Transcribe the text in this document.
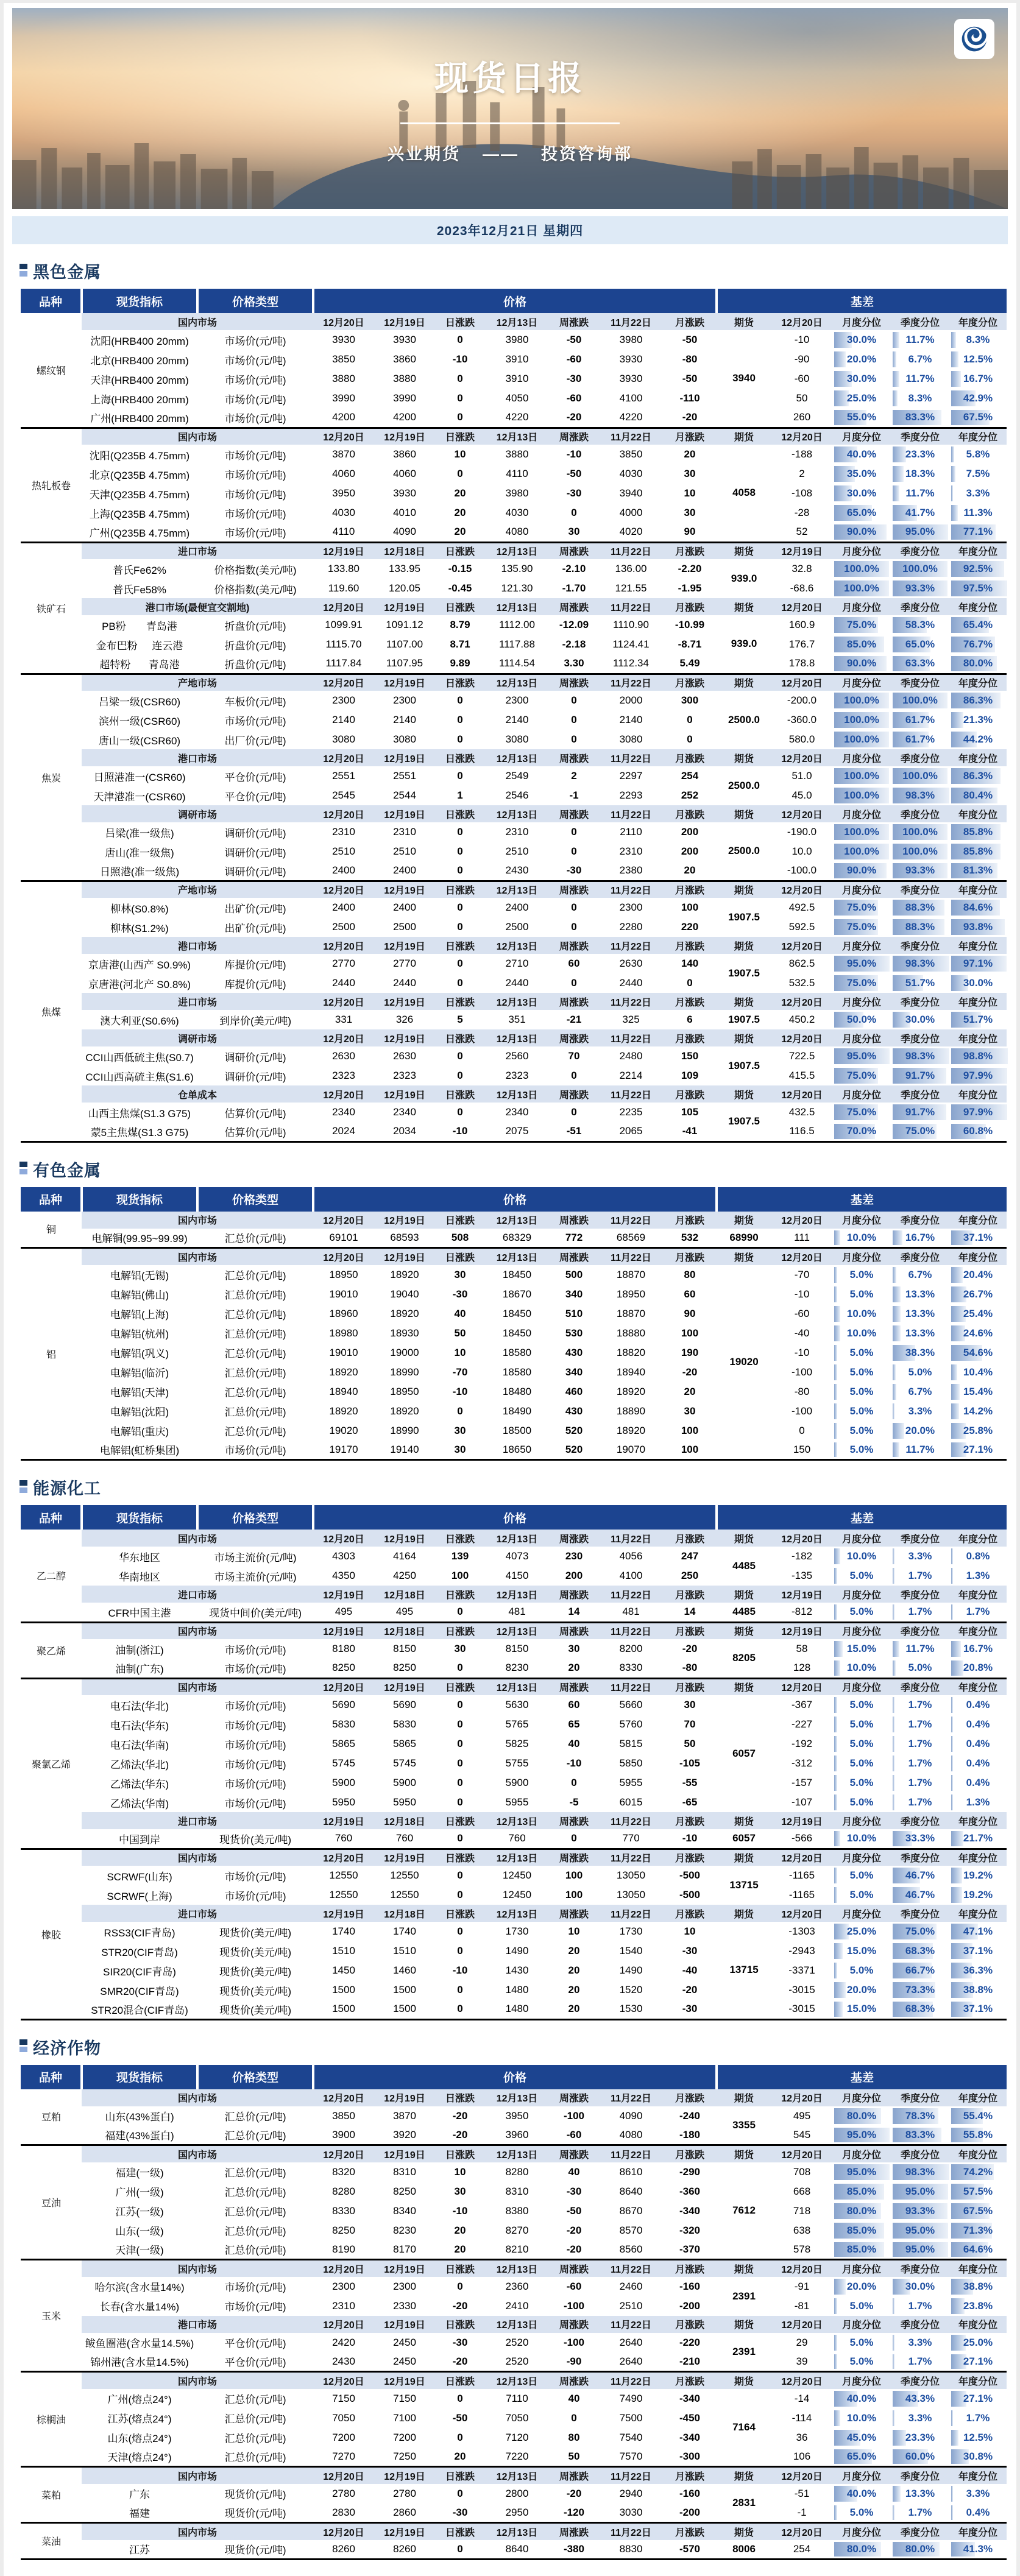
现货日报
兴业期货 —— 投资咨询部
2023年12月21日 星期四
黑色金属
品种	现货指标	价格类型	价格							基差				
螺纹钢	国内市场		12月20日	12月19日	日涨跌	12月13日	周涨跌	11月22日	月涨跌	期货	12月20日	月度分位	季度分位	年度分位
	沈阳(HRB400 20mm)	市场价(元/吨)	3930	3930	0	3980	-50	3980	-50	3940	-10	30.0%	11.7%	8.3%
	北京(HRB400 20mm)	市场价(元/吨)	3850	3860	-10	3910	-60	3930	-80		-90	20.0%	6.7%	12.5%
	天津(HRB400 20mm)	市场价(元/吨)	3880	3880	0	3910	-30	3930	-50		-60	30.0%	11.7%	16.7%
	上海(HRB400 20mm)	市场价(元/吨)	3990	3990	0	4050	-60	4100	-110		50	25.0%	8.3%	42.9%
	广州(HRB400 20mm)	市场价(元/吨)	4200	4200	0	4220	-20	4220	-20		260	55.0%	83.3%	67.5%
热轧板卷	国内市场		12月20日	12月19日	日涨跌	12月13日	周涨跌	11月22日	月涨跌	期货	12月20日	月度分位	季度分位	年度分位
	沈阳(Q235B 4.75mm)	市场价(元/吨)	3870	3860	10	3880	-10	3850	20	4058	-188	40.0%	23.3%	5.8%
	北京(Q235B 4.75mm)	市场价(元/吨)	4060	4060	0	4110	-50	4030	30		2	35.0%	18.3%	7.5%
	天津(Q235B 4.75mm)	市场价(元/吨)	3950	3930	20	3980	-30	3940	10		-108	30.0%	11.7%	3.3%
	上海(Q235B 4.75mm)	市场价(元/吨)	4030	4010	20	4030	0	4000	30		-28	65.0%	41.7%	11.3%
	广州(Q235B 4.75mm)	市场价(元/吨)	4110	4090	20	4080	30	4020	90		52	90.0%	95.0%	77.1%
铁矿石	进口市场		12月19日	12月18日	日涨跌	12月13日	周涨跌	11月22日	月涨跌	期货	12月19日	月度分位	季度分位	年度分位
	普氏Fe62%	价格指数(美元/吨)	133.80	133.95	-0.15	135.90	-2.10	136.00	-2.20	939.0	32.8	100.0%	100.0%	92.5%
	普氏Fe58%	价格指数(美元/吨)	119.60	120.05	-0.45	121.30	-1.70	121.55	-1.95		-68.6	100.0%	93.3%	97.5%
	港口市场(最便宜交割地)		12月20日	12月19日	日涨跌	12月13日	周涨跌	11月22日	月涨跌	期货	12月20日	月度分位	季度分位	年度分位

	PB粉 青岛港	折盘价(元/吨)	1099.91	1091.12	8.79	1112.00	-12.09	1110.90	-10.99	939.0	160.9	75.0%	58.3%	65.4%

	金布巴粉 连云港	折盘价(元/吨)	1115.70	1107.00	8.71	1117.88	-2.18	1124.41	-8.71		176.7	85.0%	65.0%	76.7%

	超特粉 青岛港	折盘价(元/吨)	1117.84	1107.95	9.89	1114.54	3.30	1112.34	5.49		178.8	90.0%	63.3%	80.0%
焦炭	产地市场		12月20日	12月19日	日涨跌	12月13日	周涨跌	11月22日	月涨跌	期货	12月20日	月度分位	季度分位	年度分位
	吕梁一级(CSR60)	车板价(元/吨)	2300	2300	0	2300	0	2000	300	2500.0	-200.0	100.0%	100.0%	86.3%
	滨州一级(CSR60)	市场价(元/吨)	2140	2140	0	2140	0	2140	0		-360.0	100.0%	61.7%	21.3%
	唐山一级(CSR60)	出厂价(元/吨)	3080	3080	0	3080	0	3080	0		580.0	100.0%	61.7%	44.2%
	港口市场		12月20日	12月19日	日涨跌	12月13日	周涨跌	11月22日	月涨跌	期货	12月20日	月度分位	季度分位	年度分位
	日照港准一(CSR60)	平仓价(元/吨)	2551	2551	0	2549	2	2297	254	2500.0	51.0	100.0%	100.0%	86.3%
	天津港准一(CSR60)	平仓价(元/吨)	2545	2544	1	2546	-1	2293	252		45.0	100.0%	98.3%	80.4%
	调研市场		12月20日	12月19日	日涨跌	12月13日	周涨跌	11月22日	月涨跌	期货	12月20日	月度分位	季度分位	年度分位
	吕梁(准一级焦)	调研价(元/吨)	2310	2310	0	2310	0	2110	200	2500.0	-190.0	100.0%	100.0%	85.8%
	唐山(准一级焦)	调研价(元/吨)	2510	2510	0	2510	0	2310	200		10.0	100.0%	100.0%	85.8%
	日照港(准一级焦)	调研价(元/吨)	2400	2400	0	2430	-30	2380	20		-100.0	90.0%	93.3%	81.3%
焦煤	产地市场		12月20日	12月19日	日涨跌	12月13日	周涨跌	11月22日	月涨跌	期货	12月20日	月度分位	季度分位	年度分位
	柳林(S0.8%)	出矿价(元/吨)	2400	2400	0	2400	0	2300	100	1907.5	492.5	75.0%	88.3%	84.6%
	柳林(S1.2%)	出矿价(元/吨)	2500	2500	0	2500	0	2280	220		592.5	75.0%	88.3%	93.8%
	港口市场		12月20日	12月19日	日涨跌	12月13日	周涨跌	11月22日	月涨跌	期货	12月20日	月度分位	季度分位	年度分位
	京唐港(山西产 S0.9%)	库提价(元/吨)	2770	2770	0	2710	60	2630	140	1907.5	862.5	95.0%	98.3%	97.1%
	京唐港(河北产 S0.8%)	库提价(元/吨)	2440	2440	0	2440	0	2440	0		532.5	75.0%	51.7%	30.0%
	进口市场		12月20日	12月19日	日涨跌	12月13日	周涨跌	11月22日	月涨跌	期货	12月20日	月度分位	季度分位	年度分位
	澳大利亚(S0.6%)	到岸价(美元/吨)	331	326	5	351	-21	325	6	1907.5	450.2	50.0%	30.0%	51.7%
	调研市场		12月20日	12月19日	日涨跌	12月13日	周涨跌	11月22日	月涨跌	期货	12月20日	月度分位	季度分位	年度分位
	CCI山西低硫主焦(S0.7)	调研价(元/吨)	2630	2630	0	2560	70	2480	150	1907.5	722.5	95.0%	98.3%	98.8%
	CCI山西高硫主焦(S1.6)	调研价(元/吨)	2323	2323	0	2323	0	2214	109		415.5	75.0%	91.7%	97.9%
	仓单成本		12月20日	12月19日	日涨跌	12月13日	周涨跌	11月22日	月涨跌	期货	12月20日	月度分位	季度分位	年度分位
	山西主焦煤(S1.3 G75)	估算价(元/吨)	2340	2340	0	2340	0	2235	105	1907.5	432.5	75.0%	91.7%	97.9%
	蒙5主焦煤(S1.3 G75)	估算价(元/吨)	2024	2034	-10	2075	-51	2065	-41		116.5	70.0%	75.0%	60.8%
有色金属
品种	现货指标	价格类型	价格							基差				
铜	国内市场		12月20日	12月19日	日涨跌	12月13日	周涨跌	11月22日	月涨跌	期货	12月20日	月度分位	季度分位	年度分位
	电解铜(99.95~99.99)	汇总价(元/吨)	69101	68593	508	68329	772	68569	532	68990	111	10.0%	16.7%	37.1%
铝	国内市场		12月20日	12月19日	日涨跌	12月13日	周涨跌	11月22日	月涨跌	期货	12月20日	月度分位	季度分位	年度分位
	电解铝(无锡)	汇总价(元/吨)	18950	18920	30	18450	500	18870	80	19020	-70	5.0%	6.7%	20.4%
	电解铝(佛山)	汇总价(元/吨)	19010	19040	-30	18670	340	18950	60		-10	5.0%	13.3%	26.7%
	电解铝(上海)	汇总价(元/吨)	18960	18920	40	18450	510	18870	90		-60	10.0%	13.3%	25.4%
	电解铝(杭州)	汇总价(元/吨)	18980	18930	50	18450	530	18880	100		-40	10.0%	13.3%	24.6%
	电解铝(巩义)	汇总价(元/吨)	19010	19000	10	18580	430	18820	190		-10	5.0%	38.3%	54.6%
	电解铝(临沂)	汇总价(元/吨)	18920	18990	-70	18580	340	18940	-20		-100	5.0%	5.0%	10.4%
	电解铝(天津)	汇总价(元/吨)	18940	18950	-10	18480	460	18920	20		-80	5.0%	6.7%	15.4%
	电解铝(沈阳)	汇总价(元/吨)	18920	18920	0	18490	430	18890	30		-100	5.0%	3.3%	14.2%
	电解铝(重庆)	汇总价(元/吨)	19020	18990	30	18500	520	18920	100		0	5.0%	20.0%	25.8%
	电解铝(虹桥集团)	市场价(元/吨)	19170	19140	30	18650	520	19070	100		150	5.0%	11.7%	27.1%
能源化工
品种	现货指标	价格类型	价格							基差				
乙二醇	国内市场		12月20日	12月19日	日涨跌	12月13日	周涨跌	11月22日	月涨跌	期货	12月20日	月度分位	季度分位	年度分位
	华东地区	市场主流价(元/吨)	4303	4164	139	4073	230	4056	247	4485	-182	10.0%	3.3%	0.8%
	华南地区	市场主流价(元/吨)	4350	4250	100	4150	200	4100	250		-135	5.0%	1.7%	1.3%
	进口市场		12月19日	12月18日	日涨跌	12月13日	周涨跌	11月22日	月涨跌	期货	12月19日	月度分位	季度分位	年度分位
	CFR中国主港	现货中间价(美元/吨)	495	495	0	481	14	481	14	4485	-812	5.0%	1.7%	1.7%
聚乙烯	国内市场		12月19日	12月18日	日涨跌	12月13日	周涨跌	11月22日	月涨跌	期货	12月19日	月度分位	季度分位	年度分位
	油制(浙江)	市场价(元/吨)	8180	8150	30	8150	30	8200	-20	8205	58	15.0%	11.7%	16.7%
	油制(广东)	市场价(元/吨)	8250	8250	0	8230	20	8330	-80		128	10.0%	5.0%	20.8%
聚氯乙烯	国内市场		12月20日	12月19日	日涨跌	12月13日	周涨跌	11月22日	月涨跌	期货	12月20日	月度分位	季度分位	年度分位
	电石法(华北)	市场价(元/吨)	5690	5690	0	5630	60	5660	30	6057	-367	5.0%	1.7%	0.4%
	电石法(华东)	市场价(元/吨)	5830	5830	0	5765	65	5760	70		-227	5.0%	1.7%	0.4%
	电石法(华南)	市场价(元/吨)	5865	5865	0	5825	40	5815	50		-192	5.0%	1.7%	0.4%
	乙烯法(华北)	市场价(元/吨)	5745	5745	0	5755	-10	5850	-105		-312	5.0%	1.7%	0.4%
	乙烯法(华东)	市场价(元/吨)	5900	5900	0	5900	0	5955	-55		-157	5.0%	1.7%	0.4%
	乙烯法(华南)	市场价(元/吨)	5950	5950	0	5955	-5	6015	-65		-107	5.0%	1.7%	1.3%
	进口市场		12月19日	12月18日	日涨跌	12月13日	周涨跌	11月22日	月涨跌	期货	12月19日	月度分位	季度分位	年度分位
	中国到岸	现货价(美元/吨)	760	760	0	760	0	770	-10	6057	-566	10.0%	33.3%	21.7%
橡胶	国内市场		12月20日	12月19日	日涨跌	12月13日	周涨跌	11月22日	月涨跌	期货	12月20日	月度分位	季度分位	年度分位
	SCRWF(山东)	市场价(元/吨)	12550	12550	0	12450	100	13050	-500	13715	-1165	5.0%	46.7%	19.2%
	SCRWF(上海)	市场价(元/吨)	12550	12550	0	12450	100	13050	-500		-1165	5.0%	46.7%	19.2%
	进口市场		12月19日	12月18日	日涨跌	12月13日	周涨跌	11月22日	月涨跌	期货	12月20日	月度分位	季度分位	年度分位
	RSS3(CIF青岛)	现货价(美元/吨)	1740	1740	0	1730	10	1730	10	13715	-1303	25.0%	75.0%	47.1%
	STR20(CIF青岛)	现货价(美元/吨)	1510	1510	0	1490	20	1540	-30		-2943	15.0%	68.3%	37.1%
	SIR20(CIF青岛)	现货价(美元/吨)	1450	1460	-10	1430	20	1490	-40		-3371	5.0%	66.7%	36.3%
	SMR20(CIF青岛)	现货价(美元/吨)	1500	1500	0	1480	20	1520	-20		-3015	20.0%	73.3%	38.8%
	STR20混合(CIF青岛)	现货价(美元/吨)	1500	1500	0	1480	20	1530	-30		-3015	15.0%	68.3%	37.1%
经济作物
品种	现货指标	价格类型	价格							基差				
豆粕	国内市场		12月20日	12月19日	日涨跌	12月13日	周涨跌	11月22日	月涨跌	期货	12月20日	月度分位	季度分位	年度分位
	山东(43%蛋白)	汇总价(元/吨)	3850	3870	-20	3950	-100	4090	-240	3355	495	80.0%	78.3%	55.4%
	福建(43%蛋白)	汇总价(元/吨)	3900	3920	-20	3960	-60	4080	-180		545	95.0%	83.3%	55.8%
豆油	国内市场		12月20日	12月19日	日涨跌	12月13日	周涨跌	11月22日	月涨跌	期货	12月20日	月度分位	季度分位	年度分位
	福建(一级)	汇总价(元/吨)	8320	8310	10	8280	40	8610	-290	7612	708	95.0%	98.3%	74.2%
	广州(一级)	汇总价(元/吨)	8280	8250	30	8310	-30	8640	-360		668	85.0%	95.0%	57.5%
	江苏(一级)	汇总价(元/吨)	8330	8340	-10	8380	-50	8670	-340		718	80.0%	93.3%	67.5%
	山东(一级)	汇总价(元/吨)	8250	8230	20	8270	-20	8570	-320		638	85.0%	95.0%	71.3%
	天津(一级)	汇总价(元/吨)	8190	8170	20	8210	-20	8560	-370		578	85.0%	95.0%	64.6%
玉米	国内市场		12月20日	12月19日	日涨跌	12月13日	周涨跌	11月22日	月涨跌	期货	12月20日	月度分位	季度分位	年度分位
	哈尔滨(含水量14%)	市场价(元/吨)	2300	2300	0	2360	-60	2460	-160	2391	-91	20.0%	30.0%	38.8%
	长春(含水量14%)	市场价(元/吨)	2310	2330	-20	2410	-100	2510	-200		-81	5.0%	1.7%	23.8%
	港口市场		12月20日	12月19日	日涨跌	12月13日	周涨跌	11月22日	月涨跌	期货	12月20日	月度分位	季度分位	年度分位
	鲅鱼圈港(含水量14.5%)	平仓价(元/吨)	2420	2450	-30	2520	-100	2640	-220	2391	29	5.0%	3.3%	25.0%
	锦州港(含水量14.5%)	平仓价(元/吨)	2430	2450	-20	2520	-90	2640	-210		39	5.0%	1.7%	27.1%
棕榈油	国内市场		12月20日	12月19日	日涨跌	12月13日	周涨跌	11月22日	月涨跌	期货	12月20日	月度分位	季度分位	年度分位
	广州(熔点24°)	汇总价(元/吨)	7150	7150	0	7110	40	7490	-340	7164	-14	40.0%	43.3%	27.1%
	江苏(熔点24°)	汇总价(元/吨)	7050	7100	-50	7050	0	7500	-450		-114	10.0%	3.3%	1.7%
	山东(熔点24°)	汇总价(元/吨)	7200	7200	0	7120	80	7540	-340		36	45.0%	23.3%	12.5%
	天津(熔点24°)	汇总价(元/吨)	7270	7250	20	7220	50	7570	-300		106	65.0%	60.0%	30.8%
菜粕	国内市场		12月20日	12月19日	日涨跌	12月13日	周涨跌	11月22日	月涨跌	期货	12月20日	月度分位	季度分位	年度分位
	广东	现货价(元/吨)	2780	2780	0	2800	-20	2940	-160	2831	-51	40.0%	13.3%	3.3%
	福建	现货价(元/吨)	2830	2860	-30	2950	-120	3030	-200		-1	5.0%	1.7%	0.4%
菜油	国内市场		12月20日	12月19日	日涨跌	12月13日	周涨跌	11月22日	月涨跌	期货	12月20日	月度分位	季度分位	年度分位
	江苏	现货价(元/吨)	8260	8260	0	8640	-380	8830	-570	8006	254	80.0%	80.0%	41.3%
